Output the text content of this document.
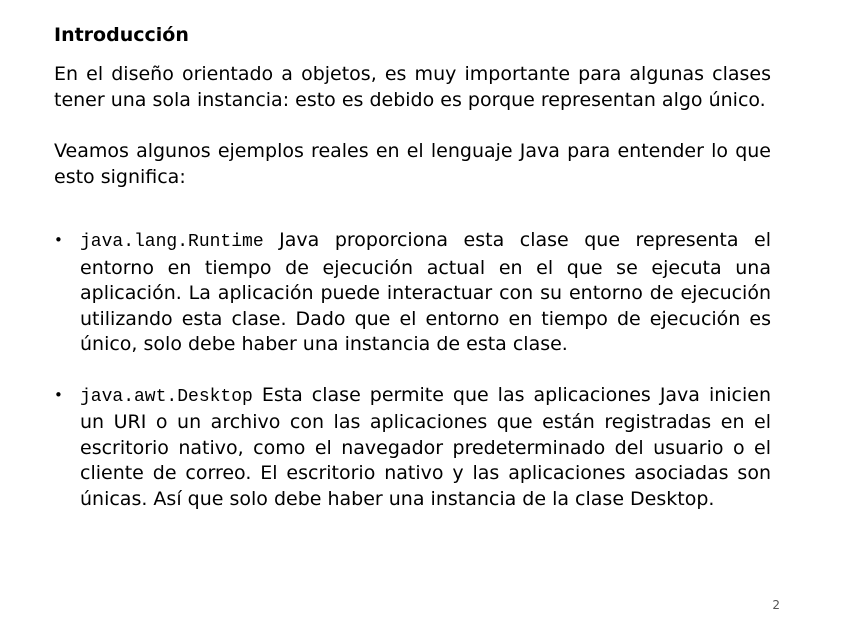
Introducción

En el diseño orientado a objetos, es muy importante para algunas clases tener una sola instancia: esto es debido es porque representan algo único.

Veamos algunos ejemplos reales en el lenguaje Java para entender lo que esto significa:

• java.lang.Runtime Java proporciona esta clase que representa el entorno en tiempo de ejecución actual en el que se ejecuta una aplicación. La aplicación puede interactuar con su entorno de ejecución utilizando esta clase. Dado que el entorno en tiempo de ejecución es único, solo debe haber una instancia de esta clase.
• java.awt.Desktop Esta clase permite que las aplicaciones Java inicien un URI o un archivo con las aplicaciones que están registradas en el escritorio nativo, como el navegador predeterminado del usuario o el cliente de correo. El escritorio nativo y las aplicaciones asociadas son únicas. Así que solo debe haber una instancia de la clase Desktop.
2
